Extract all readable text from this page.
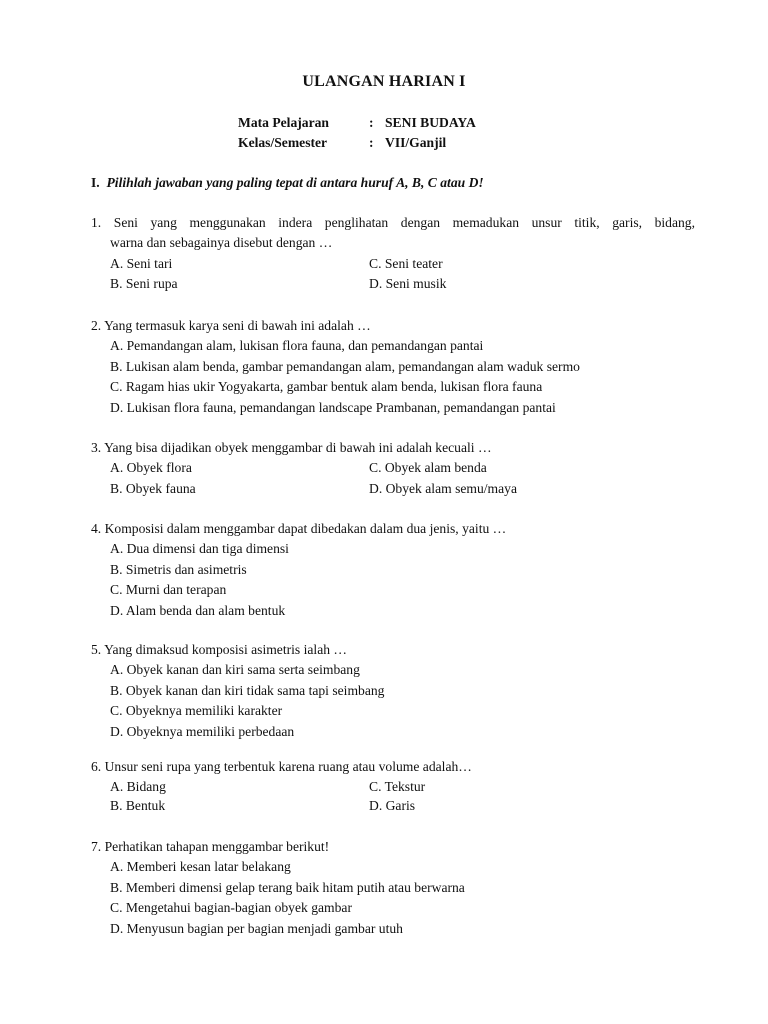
ULANGAN HARIAN I
Mata Pelajaran	: SENI BUDAYA
Kelas/Semester	: VII/Ganjil
I. Pilihlah jawaban yang paling tepat di antara huruf A, B, C atau D!
1. Seni yang menggunakan indera penglihatan dengan memadukan unsur titik, garis, bidang,
warna dan sebagainya disebut dengan …
A. Seni tari	C. Seni teater
B. Seni rupa	D. Seni musik
2. Yang termasuk karya seni di bawah ini adalah …
A. Pemandangan alam, lukisan flora fauna, dan pemandangan pantai
B. Lukisan alam benda, gambar pemandangan alam, pemandangan alam waduk sermo
C. Ragam hias ukir Yogyakarta, gambar bentuk alam benda, lukisan flora fauna
D. Lukisan flora fauna, pemandangan landscape Prambanan, pemandangan pantai
3. Yang bisa dijadikan obyek menggambar di bawah ini adalah kecuali …
A. Obyek flora	C. Obyek alam benda
B. Obyek fauna	D. Obyek alam semu/maya
4. Komposisi dalam menggambar dapat dibedakan dalam dua jenis, yaitu …
A. Dua dimensi dan tiga dimensi
B. Simetris dan asimetris
C. Murni dan terapan
D. Alam benda dan alam bentuk
5. Yang dimaksud komposisi asimetris ialah …
A. Obyek kanan dan kiri sama serta seimbang
B. Obyek kanan dan kiri tidak sama tapi seimbang
C. Obyeknya memiliki karakter
D. Obyeknya memiliki perbedaan
6. Unsur seni rupa yang terbentuk karena ruang atau volume adalah…
A. Bidang	C. Tekstur
B. Bentuk	D. Garis
7. Perhatikan tahapan menggambar berikut!
A. Memberi kesan latar belakang
B. Memberi dimensi gelap terang baik hitam putih atau berwarna
C. Mengetahui bagian-bagian obyek gambar
D. Menyusun bagian per bagian menjadi gambar utuh
